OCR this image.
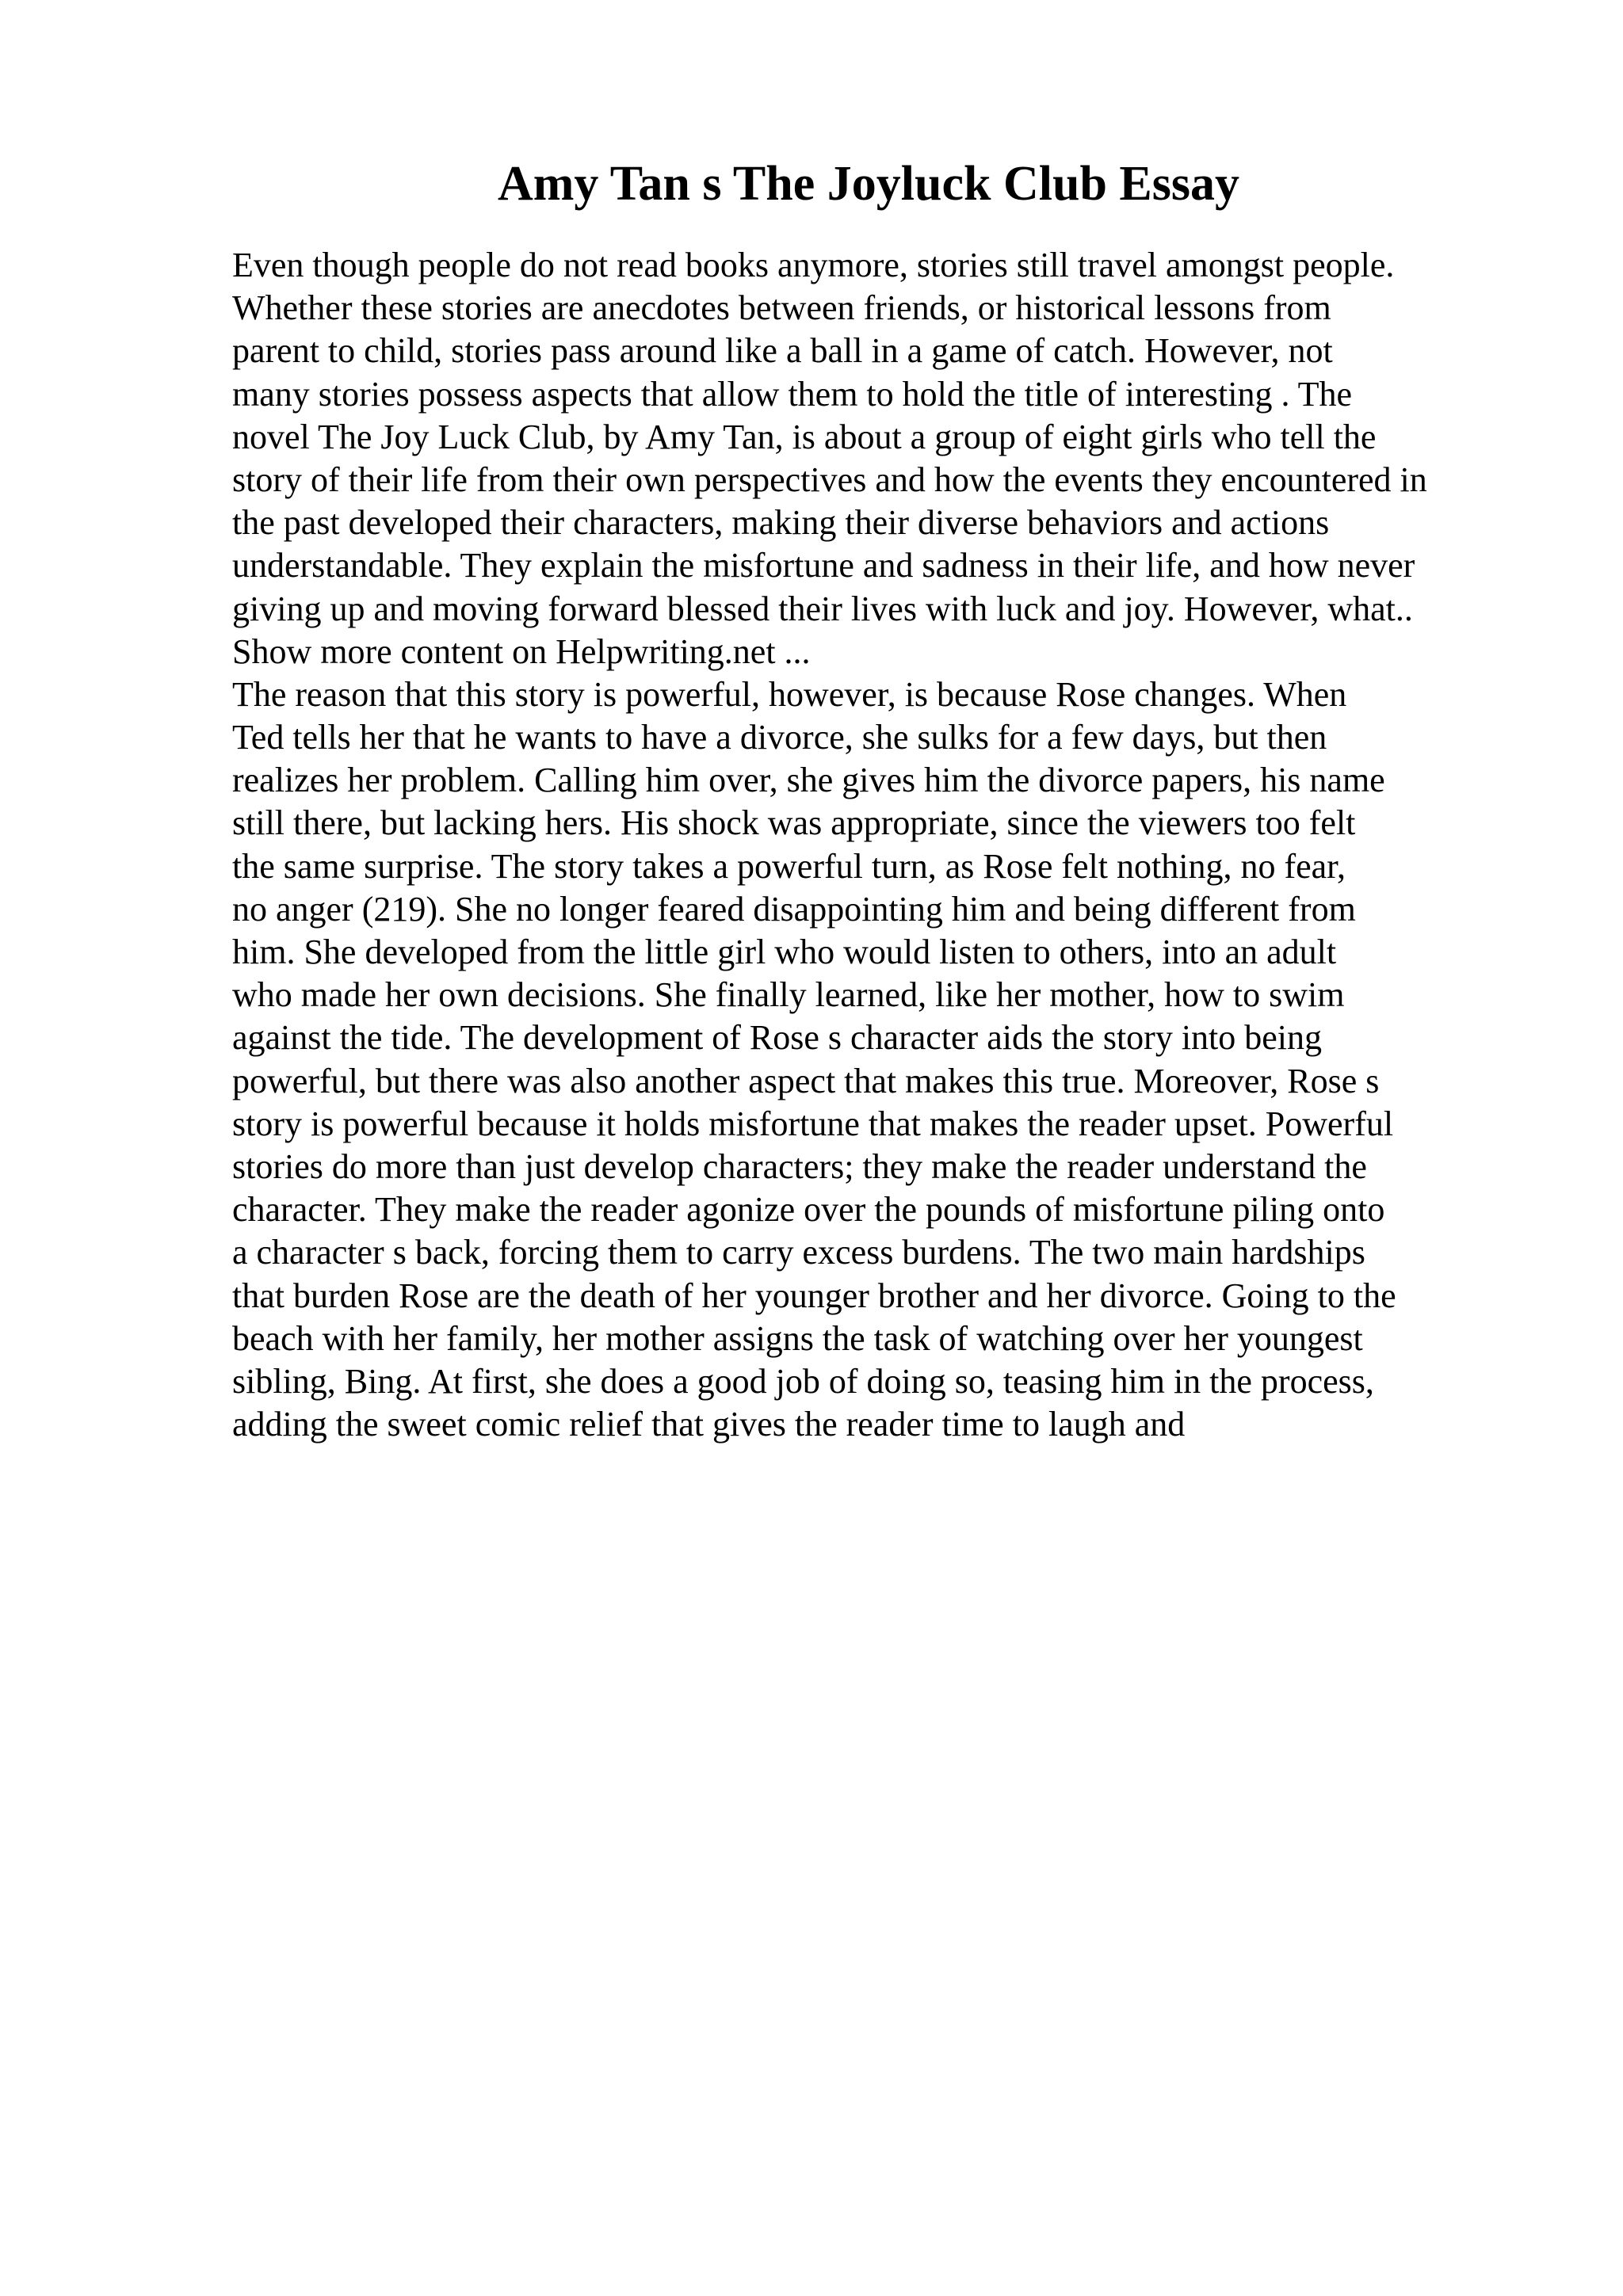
Amy Tan s The Joyluck Club Essay
Even though people do not read books anymore, stories still travel amongst people.
Whether these stories are anecdotes between friends, or historical lessons from
parent to child, stories pass around like a ball in a game of catch. However, not
many stories possess aspects that allow them to hold the title of interesting . The
novel The Joy Luck Club, by Amy Tan, is about a group of eight girls who tell the
story of their life from their own perspectives and how the events they encountered in
the past developed their characters, making their diverse behaviors and actions
understandable. They explain the misfortune and sadness in their life, and how never
giving up and moving forward blessed their lives with luck and joy. However, what..
Show more content on Helpwriting.net ...
The reason that this story is powerful, however, is because Rose changes. When
Ted tells her that he wants to have a divorce, she sulks for a few days, but then
realizes her problem. Calling him over, she gives him the divorce papers, his name
still there, but lacking hers. His shock was appropriate, since the viewers too felt
the same surprise. The story takes a powerful turn, as Rose felt nothing, no fear,
no anger (219). She no longer feared disappointing him and being different from
him. She developed from the little girl who would listen to others, into an adult
who made her own decisions. She finally learned, like her mother, how to swim
against the tide. The development of Rose s character aids the story into being
powerful, but there was also another aspect that makes this true. Moreover, Rose s
story is powerful because it holds misfortune that makes the reader upset. Powerful
stories do more than just develop characters; they make the reader understand the
character. They make the reader agonize over the pounds of misfortune piling onto
a character s back, forcing them to carry excess burdens. The two main hardships
that burden Rose are the death of her younger brother and her divorce. Going to the
beach with her family, her mother assigns the task of watching over her youngest
sibling, Bing. At first, she does a good job of doing so, teasing him in the process,
adding the sweet comic relief that gives the reader time to laugh and
